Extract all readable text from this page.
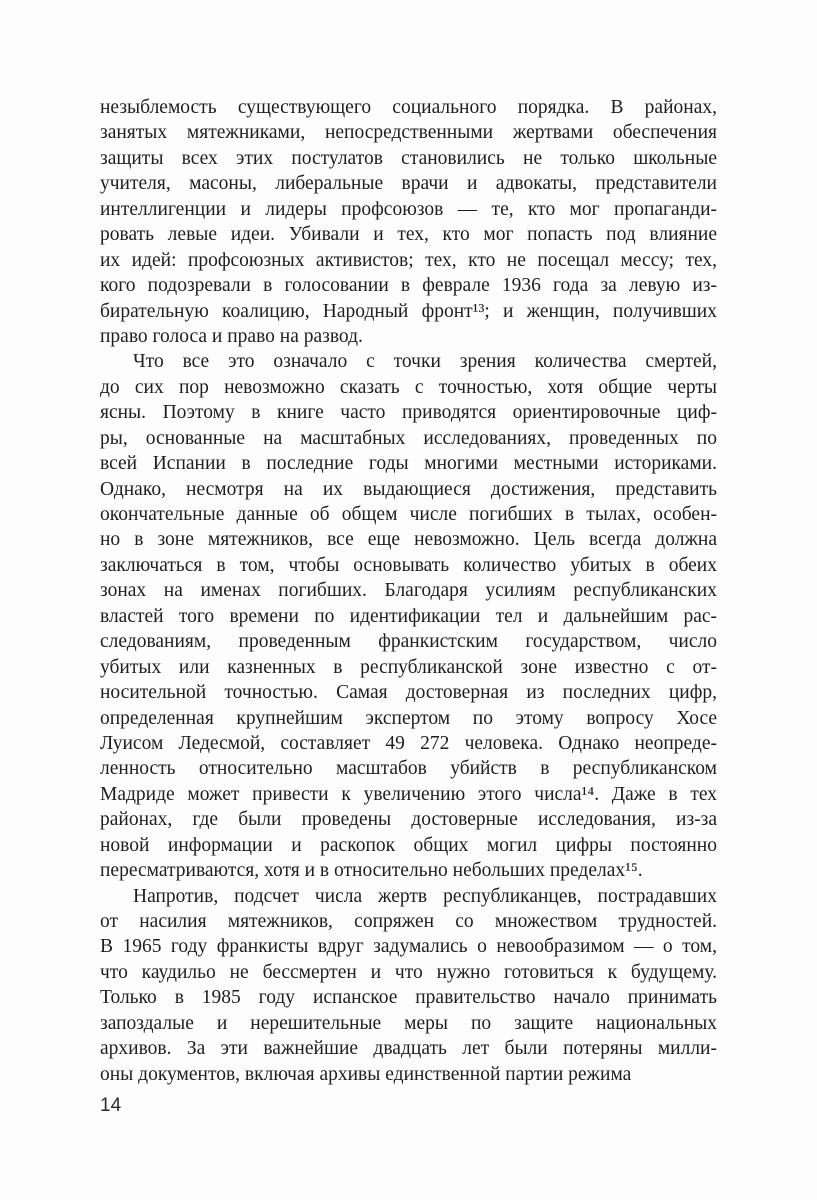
незыблемость существующего социального порядка. В районах,
занятых мятежниками, непосредственными жертвами обеспечения
защиты всех этих постулатов становились не только школьные
учителя, масоны, либеральные врачи и адвокаты, представители
интеллигенции и лидеры профсоюзов — те, кто мог пропаганди-
ровать левые идеи. Убивали и тех, кто мог попасть под влияние
их идей: профсоюзных активистов; тех, кто не посещал мессу; тех,
кого подозревали в голосовании в феврале 1936 года за левую из-
бирательную коалицию, Народный фронт¹³; и женщин, получивших
право голоса и право на развод.
Что все это означало с точки зрения количества смертей,
до сих пор невозможно сказать с точностью, хотя общие черты
ясны. Поэтому в книге часто приводятся ориентировочные циф-
ры, основанные на масштабных исследованиях, проведенных по
всей Испании в последние годы многими местными историками.
Однако, несмотря на их выдающиеся достижения, представить
окончательные данные об общем числе погибших в тылах, особен-
но в зоне мятежников, все еще невозможно. Цель всегда должна
заключаться в том, чтобы основывать количество убитых в обеих
зонах на именах погибших. Благодаря усилиям республиканских
властей того времени по идентификации тел и дальнейшим рас-
следованиям, проведенным франкистским государством, число
убитых или казненных в республиканской зоне известно с от-
носительной точностью. Самая достоверная из последних цифр,
определенная крупнейшим экспертом по этому вопросу Хосе
Луисом Ледесмой, составляет 49 272 человека. Однако неопреде-
ленность относительно масштабов убийств в республиканском
Мадриде может привести к увеличению этого числа¹⁴. Даже в тех
районах, где были проведены достоверные исследования, из-за
новой информации и раскопок общих могил цифры постоянно
пересматриваются, хотя и в относительно небольших пределах¹⁵.
Напротив, подсчет числа жертв республиканцев, пострадавших
от насилия мятежников, сопряжен со множеством трудностей.
В 1965 году франкисты вдруг задумались о невообразимом — о том,
что каудильо не бессмертен и что нужно готовиться к будущему.
Только в 1985 году испанское правительство начало принимать
запоздалые и нерешительные меры по защите национальных
архивов. За эти важнейшие двадцать лет были потеряны милли-
оны документов, включая архивы единственной партии режима
14
